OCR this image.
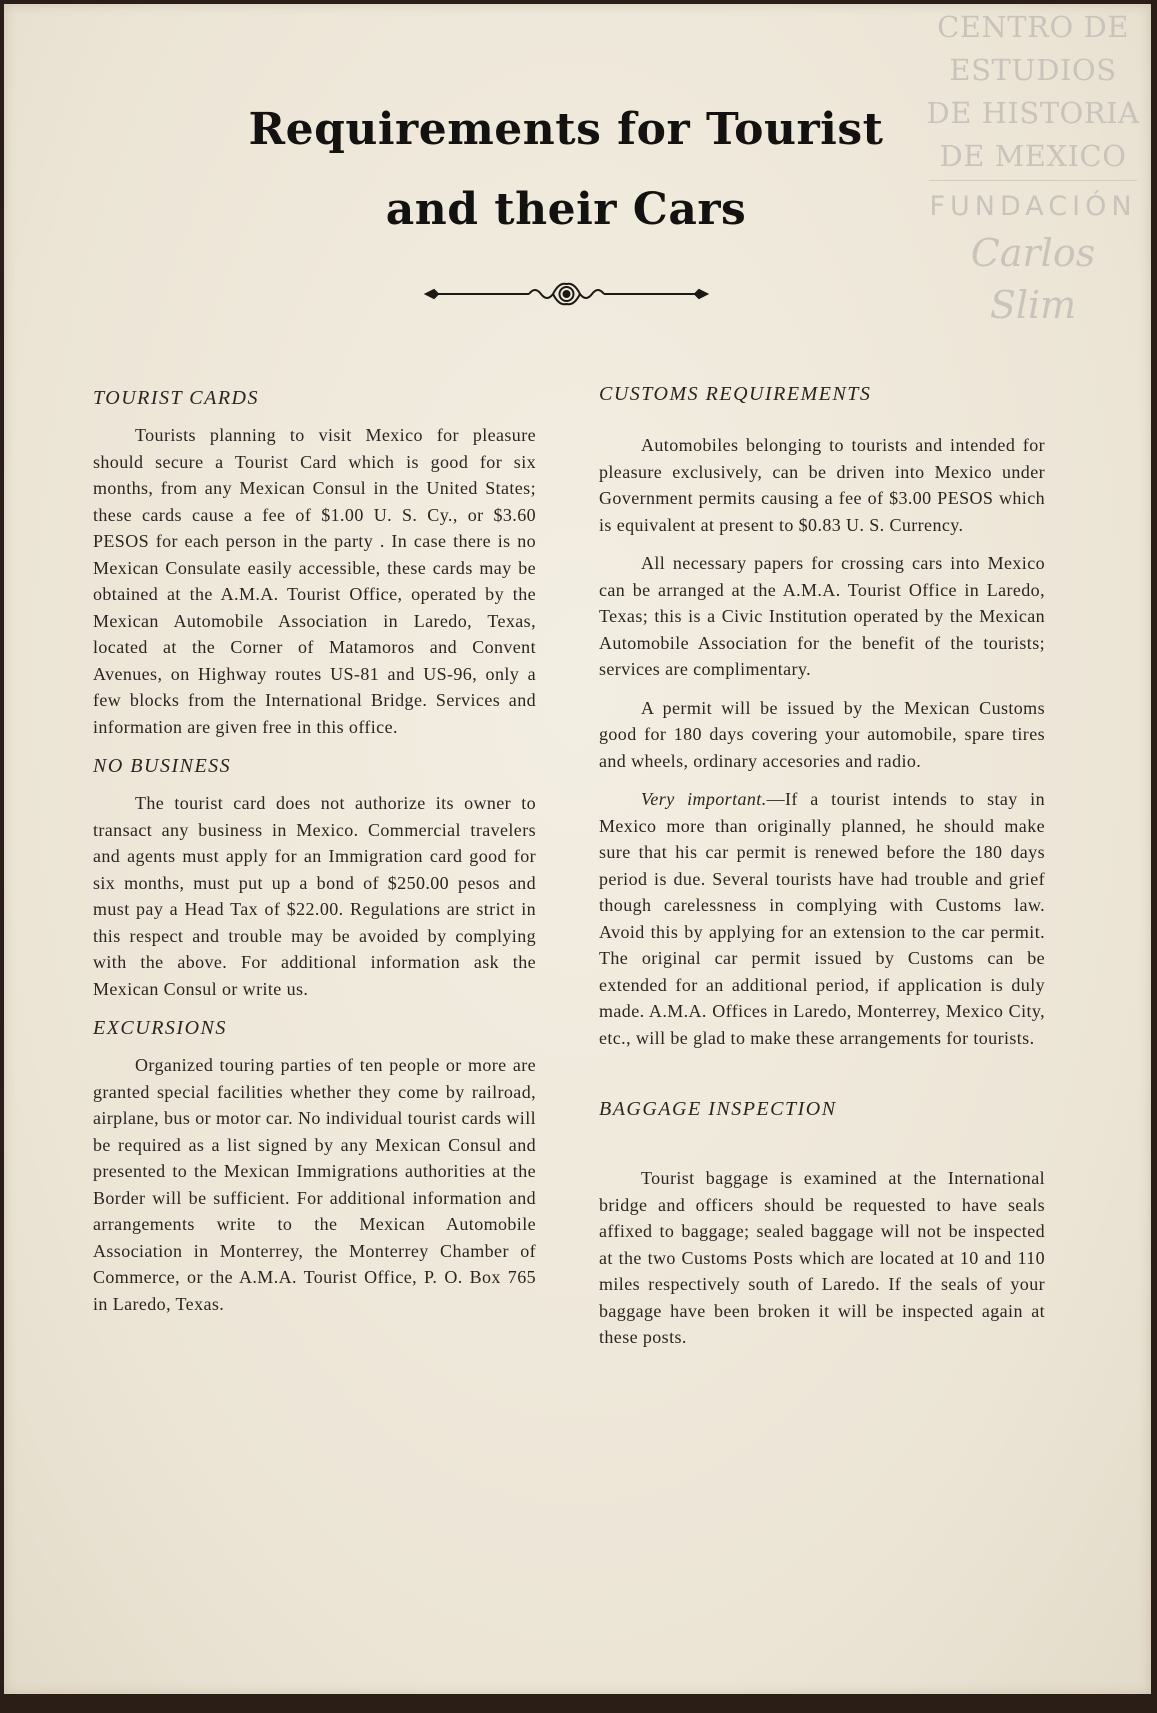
CENTRO DE
ESTUDIOS
DE HISTORIA
DE MEXICO
FUNDACIÓN
Carlos Slim
Requirements for Tourist
and their Cars
TOURIST CARDS
Tourists planning to visit Mexico for pleasure should secure a Tourist Card which is good for six months, from any Mexican Consul in the United States; these cards cause a fee of $1.00 U. S. Cy., or $3.60 PESOS for each person in the party . In case there is no Mexican Consulate easily accessible, these cards may be obtained at the A.M.A. Tourist Office, operated by the Mexican Automobile Association in Laredo, Texas, located at the Corner of Matamoros and Convent Avenues, on Highway routes US-81 and US-96, only a few blocks from the International Bridge. Services and information are given free in this office.
NO BUSINESS
The tourist card does not authorize its owner to transact any business in Mexico. Commercial travelers and agents must apply for an Immigration card good for six months, must put up a bond of $250.00 pesos and must pay a Head Tax of $22.00. Regulations are strict in this respect and trouble may be avoided by complying with the above. For additional information ask the Mexican Consul or write us.
EXCURSIONS
Organized touring parties of ten people or more are granted special facilities whether they come by railroad, airplane, bus or motor car. No individual tourist cards will be required as a list signed by any Mexican Consul and presented to the Mexican Immigrations authorities at the Border will be sufficient. For additional information and arrangements write to the Mexican Automobile Association in Monterrey, the Monterrey Chamber of Commerce, or the A.M.A. Tourist Office, P. O. Box 765 in Laredo, Texas.
CUSTOMS REQUIREMENTS
Automobiles belonging to tourists and intended for pleasure exclusively, can be driven into Mexico under Government permits causing a fee of $3.00 PESOS which is equivalent at present to $0.83 U. S. Currency.
All necessary papers for crossing cars into Mexico can be arranged at the A.M.A. Tourist Office in Laredo, Texas; this is a Civic Institution operated by the Mexican Automobile Association for the benefit of the tourists; services are complimentary.
A permit will be issued by the Mexican Customs good for 180 days covering your automobile, spare tires and wheels, ordinary accesories and radio.
Very important.—If a tourist intends to stay in Mexico more than originally planned, he should make sure that his car permit is renewed before the 180 days period is due. Several tourists have had trouble and grief though carelessness in complying with Customs law. Avoid this by applying for an extension to the car permit. The original car permit issued by Customs can be extended for an additional period, if application is duly made. A.M.A. Offices in Laredo, Monterrey, Mexico City, etc., will be glad to make these arrangements for tourists.
BAGGAGE INSPECTION
Tourist baggage is examined at the International bridge and officers should be requested to have seals affixed to baggage; sealed baggage will not be inspected at the two Customs Posts which are located at 10 and 110 miles respectively south of Laredo. If the seals of your baggage have been broken it will be inspected again at these posts.
